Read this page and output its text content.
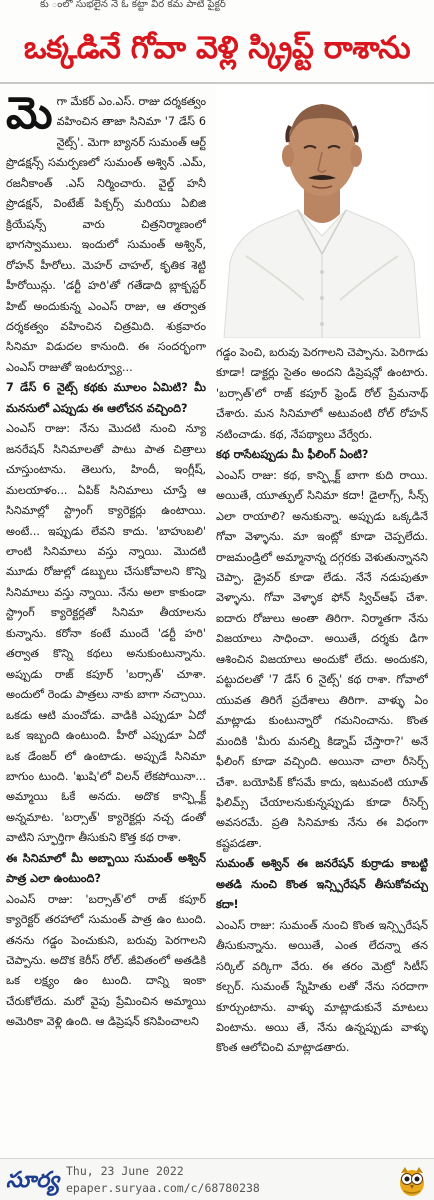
కు ంలో సుభలైన నే ఓ కట్టా వీర కమ పాటి పైక్టర్
ఒక్కడినే గోవా వెళ్లి స్క్రిప్ట్ రాశాను
మె గా మేకర్ ఎం.ఎస్. రాజు దర్శకత్వం వహించిన తాజా సినిమా '7 డేస్ 6 నైట్స్'. మెగా బ్యానర్ సుమంత్ ఆర్ట్ ప్రొడక్షన్స్ సమర్పణలో సుమంత్ అశ్విన్ .ఎమ్, రజనీకాంత్ .ఎస్ నిర్మించారు. వైల్డ్ హనీ ప్రొడక్షన్, వింటేజ్ పిక్చర్స్ మరియు ఏబిజి క్రియేషన్స్ వారు చిత్రనిర్మాణంలో భాగస్వాములు. ఇందులో సుమంత్ అశ్విన్, రోహన్ హీరోలు. మెహర్ చాహల్, కృతిక శెట్టి హీరోయిన్లు. 'డర్టీ హరి'తో గతేడాది బ్లాక్బస్టర్ హిట్ అందుకున్న ఎంఎస్ రాజు, ఆ తర్వాత దర్శకత్వం వహించిన చిత్రమిది. శుక్రవారం సినిమా విడుదల కానుంది. ఈ సందర్భంగా ఎంఎస్ రాజుతో ఇంటర్వ్యూ...

7 డేస్ 6 నైట్స్ కథకు మూలం ఏమిటి? మీ మనసులో ఎప్పుడు ఈ ఆలోచన వచ్చింది?

ఎంఎస్ రాజు: నేను మొదటి నుంచి న్యూ జనరేషన్ సినిమాలతో పాటు పాత చిత్రాలు చూస్తుంటాను. తెలుగు, హిందీ, ఇంగ్లీష్, మలయాళం... ఏపిక్ సినిమాలు చూస్తే ఆ సినిమాల్లో స్ట్రాంగ్ క్యారెక్టర్లు ఉంటాయి. అంటే... ఇప్పుడు లేవని కాదు. 'బాహుబలి' లాంటి సినిమాలు వస్తు న్నాయి. మొదటి మూడు రోజుల్లో డబ్బులు చేసుకోవాలని కొన్ని సినిమాలు వస్తు న్నాయి. నేను అలా కాకుండా స్ట్రాంగ్ క్యారెక్టర్లతో సినిమా తీయాలను కున్నాను. కరోనా కంటే ముందే 'డర్టీ హరి' తర్వాత కొన్ని కథలు అనుకుంటున్నాను. అప్పుడు రాజ్ కపూర్ 'బర్సాత్' చూశా. అందులో రెండు పాత్రలు నాకు బాగా నచ్చాయి. ఒకడు ఆటి మంచోడు. వాడికి ఎప్పుడూ ఏదో ఒక ఇబ్బంది ఉంటుంది. హీరో ఎప్పుడూ ఏదో ఒక డేంజర్ లో ఉంటాడు. అప్పుడే సినిమా బాగుం టుంది. 'ఖుషి'లో విలన్ లేకపోయినా... అమ్మాయి ఓకే అనదు. అదొక కాన్ఫ్లిక్ట్ అన్నమాట. 'బర్సాత్' క్యారెక్టర్లు నచ్చ డంతో వాటిని స్ఫూర్తిగా తీసుకుని కొత్త కథ రాశా.

ఈ సినిమాలో మీ అబ్బాయి సుమంత్ అశ్విన్ పాత్ర ఎలా ఉంటుంది?

ఎంఎస్ రాజు: 'బర్సాత్'లో రాజ్ కపూర్ క్యారెక్టర్ తరహాలో సుమంత్ పాత్ర ఉం టుంది. తనను గడ్డం పెంచుకుని, బరువు పెరగాలని చెప్పాను. అదొక కెరీస్ రోల్. జీవితంలో అతడికి ఒక లక్ష్యం ఉం టుంది. దాన్ని ఇంకా చేరుకోలేదు. మరో వైపు ప్రేమించిన అమ్మాయి అమెరికా వెళ్లి ఉంది. ఆ డిప్రెషన్ కనిపించాలని

గడ్డం పెంచి, బరువు పెరగాలని చెప్పాను. పెరిగాడు కూడా! డాక్టర్లు సైతం అందని డిప్రెషన్లో ఉంటారు. 'బర్సాత్'లో రాజ్ కపూర్ ఫ్రెండ్ రోల్ ప్రేమనాథ్ చేశారు. మన సినిమాలో అటువంటి రోల్ రోహన్ నటించాడు. కథ, నేపథ్యాలు వేర్వేరు.

కథ రాసేటప్పుడు మీ ఫీలింగ్ ఏంటి?

ఎంఎస్ రాజు: కథ, కాన్ఫ్లిక్ట్ బాగా కుది రాయి. అయితే, యూత్ఫుల్ సినిమా కదా! డైలాగ్స్, సీన్స్ ఎలా రాయాలి? అనుకున్నా. అప్పుడు ఒక్కడినే గోవా వెళ్ళాను. మా ఇంట్లో కూడా చెప్పలేదు. రాజమండ్రిలో అమ్మానాన్న దగ్గరకు వెళుతున్నానని చెప్పా. డ్రైవర్ కూడా లేడు. నేనే నడుపుతూ వెళ్ళాను. గోవా వెళ్ళాక ఫోన్ స్విచ్ఆఫ్ చేశా. ఐదారు రోజులు అంతా తిరిగా. నిర్మాతగా నేను విజయాలు సాధించా. అయితే, దర్శకు డిగా ఆశించిన విజయాలు అందుకో లేదు. అందుకని, పట్టుదలతో '7 డేస్ 6 నైట్స్' కథ రాశా. గోవాలో యువత తిరిగే ప్రదేశాలు తిరిగా. వాళ్ళు ఏం మాట్లాడు కుంటున్నారో గమనించాను. కొంత మందికి 'మీరు మనల్ని కిడ్నాప్ చేస్తారా?' అనే ఫీలింగ్ కూడా వచ్చింది. అయినా చాలా రీసెర్చ్ చేశా. బయోపిక్ కోసమే కాదు, ఇటువంటి యూత్ ఫిలిమ్స్ చేయాలనుకున్నప్పుడు కూడా రీసెర్చ్ అవసరమే. ప్రతి సినిమాకు నేను ఈ విధంగా కష్టపడతా.

సుమంత్ అశ్విన్ ఈ జనరేషన్ కుర్రాడు కాబట్టి అతడి నుంచి కొంత ఇన్స్పిరేషన్ తీసుకోవచ్చు కదా!

ఎంఎస్ రాజు: సుమంత్ నుంచి కొంత ఇన్స్పిరేషన్ తీసుకున్నాను. అయితే, ఎంత లేదన్నా తన సర్కిల్ వర్కిగా వేరు. ఈ తరం మెట్రో సిటీస్ కల్చర్. సుమంత్ స్నేహితు లతో నేను సరదాగా కూర్చుంటాను. వాళ్ళు మాట్లాడుకునే మాటలు వింటాను. అయి తే, నేను ఉన్నప్పుడు వాళ్ళు కొంత ఆలోచించి మాట్లాడతారు.

సూర్య Thu, 23 June 2022
epaper.suryaa.com/c/68780238
